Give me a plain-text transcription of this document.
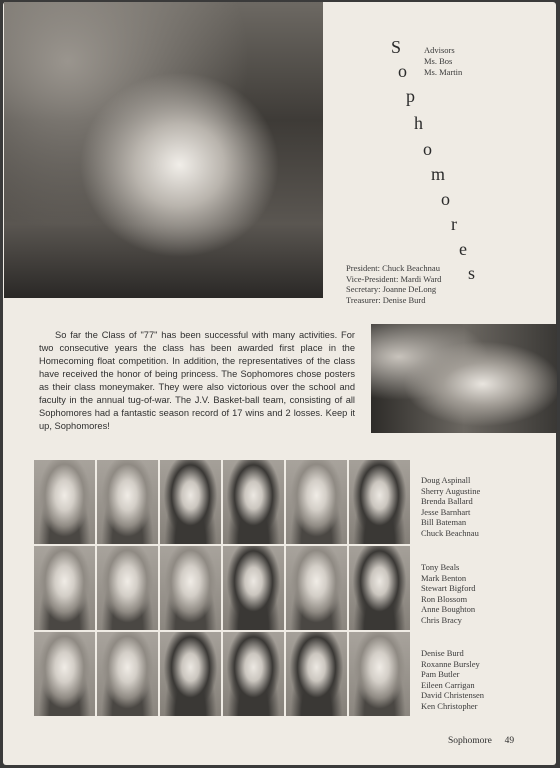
S
o
p
h
o
m
o
r
e
s
Advisors
Ms. Bos
Ms. Martin
President: Chuck Beachnau
Vice-President: Mardi Ward
Secretary: Joanne DeLong
Treasurer: Denise Burd
So far the Class of "77" has been successful with many activities. For two consecutive years the class has been awarded first place in the Homecoming float competition. In addition, the representatives of the class have received the honor of being princess. The Sophomores chose posters as their class moneymaker. They were also victorious over the school and faculty in the annual tug-of-war. The J.V. Basket-ball team, consisting of all Sophomores had a fantastic season record of 17 wins and 2 losses. Keep it up, Sophomores!
Doug Aspinall
Sherry Augustine
Brenda Ballard
Jesse Barnhart
Bill Bateman
Chuck Beachnau
Tony Beals
Mark Benton
Stewart Bigford
Ron Blossom
Anne Boughton
Chris Bracy
Denise Burd
Roxanne Bursley
Pam Butler
Eileen Carrigan
David Christensen
Ken Christopher
Sophomore 49
